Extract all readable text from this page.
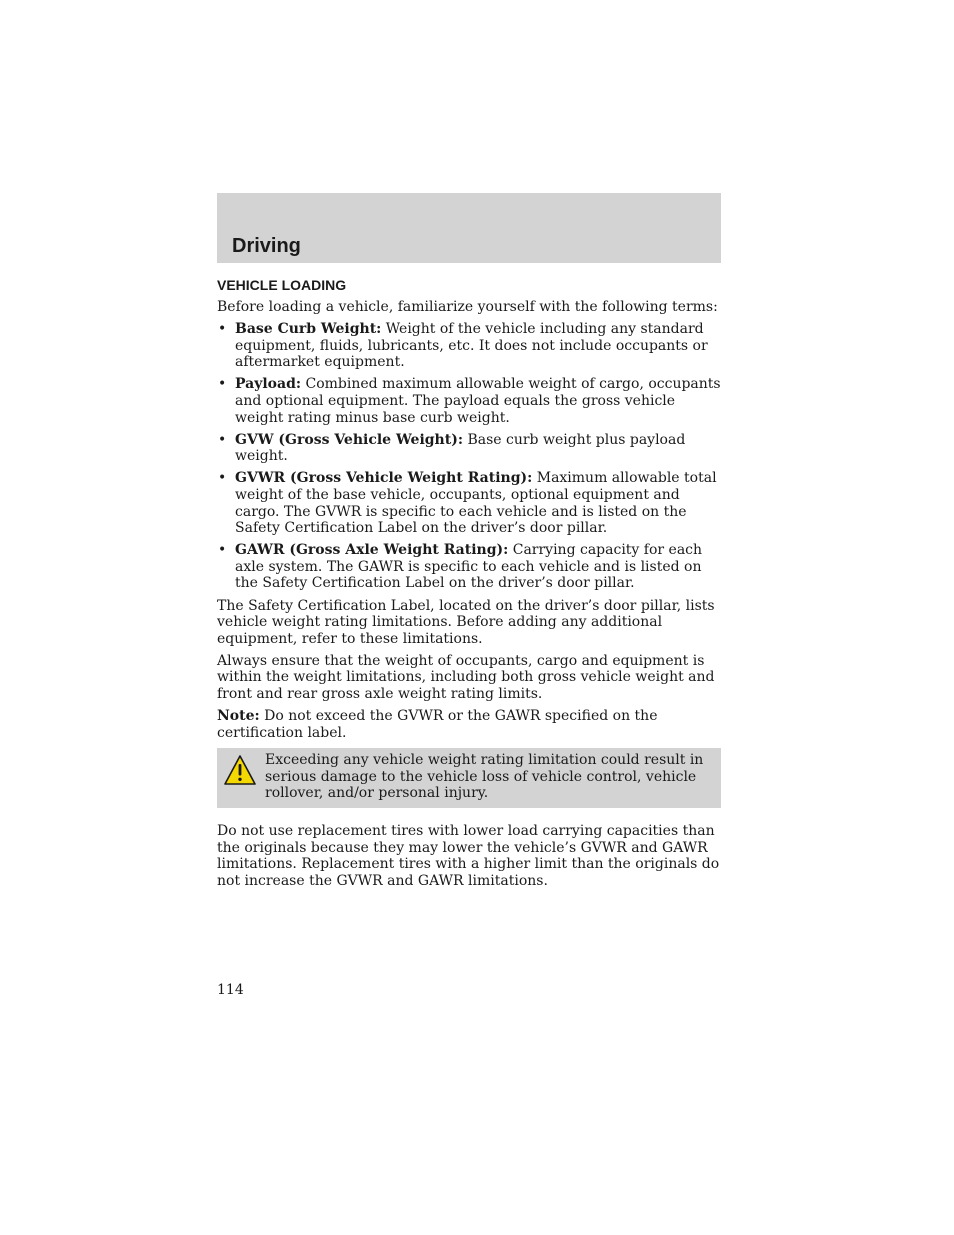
Driving
VEHICLE LOADING

Before loading a vehicle, familiarize yourself with the following terms:

• Base Curb Weight: Weight of the vehicle including any standard equipment, fluids, lubricants, etc. It does not include occupants or aftermarket equipment.
• Payload: Combined maximum allowable weight of cargo, occupants and optional equipment. The payload equals the gross vehicle weight rating minus base curb weight.
• GVW (Gross Vehicle Weight): Base curb weight plus payload weight.
• GVWR (Gross Vehicle Weight Rating): Maximum allowable total weight of the base vehicle, occupants, optional equipment and cargo. The GVWR is specific to each vehicle and is listed on the Safety Certification Label on the driver’s door pillar.
• GAWR (Gross Axle Weight Rating): Carrying capacity for each axle system. The GAWR is specific to each vehicle and is listed on the Safety Certification Label on the driver’s door pillar.

The Safety Certification Label, located on the driver’s door pillar, lists vehicle weight rating limitations. Before adding any additional equipment, refer to these limitations.

Always ensure that the weight of occupants, cargo and equipment is within the weight limitations, including both gross vehicle weight and front and rear gross axle weight rating limits.

Note: Do not exceed the GVWR or the GAWR specified on the certification label.

Exceeding any vehicle weight rating limitation could result in serious damage to the vehicle loss of vehicle control, vehicle rollover, and/or personal injury.

Do not use replacement tires with lower load carrying capacities than the originals because they may lower the vehicle’s GVWR and GAWR limitations. Replacement tires with a higher limit than the originals do not increase the GVWR and GAWR limitations.

114
